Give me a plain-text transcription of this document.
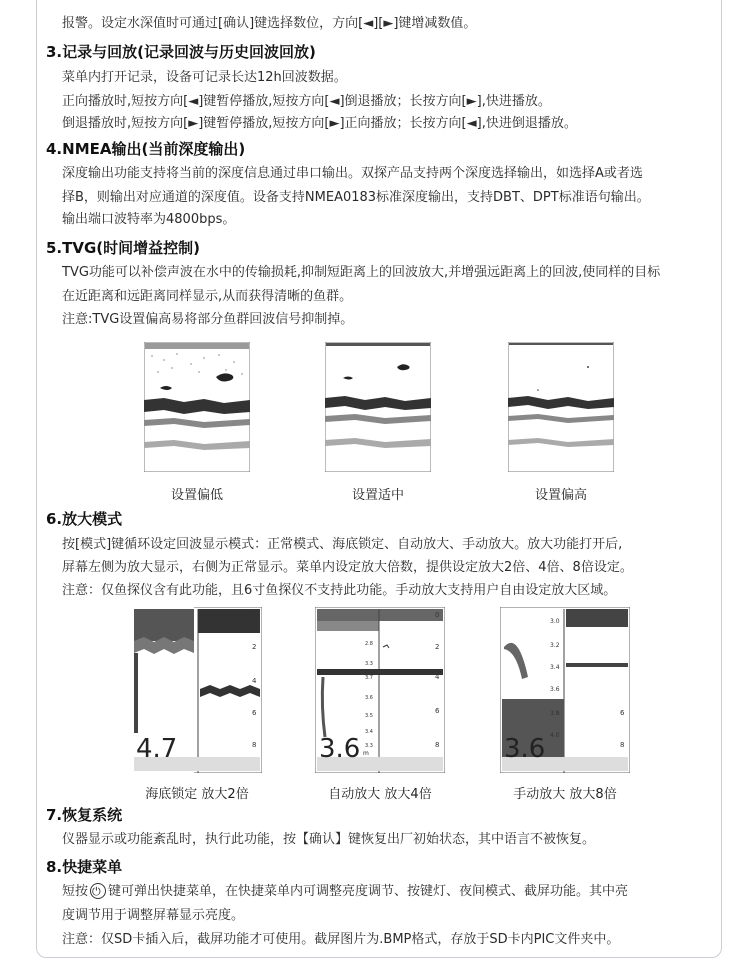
报警。设定水深值时可通过[确认]键选择数位，方向[◄][►]键增减数值。
3.记录与回放(记录回波与历史回波回放)
菜单内打开记录，设备可记录长达12h回波数据。
正向播放时,短按方向[◄]键暂停播放,短按方向[◄]倒退播放；长按方向[►],快进播放。
倒退播放时,短按方向[►]键暂停播放,短按方向[►]正向播放；长按方向[◄],快进倒退播放。
4.NMEA输出(当前深度输出)
深度输出功能支持将当前的深度信息通过串口输出。双探产品支持两个深度选择输出，如选择A或者选
择B，则输出对应通道的深度值。设备支持NMEA0183标准深度输出，支持DBT、DPT标准语句输出。
输出端口波特率为4800bps。
5.TVG(时间增益控制)
TVG功能可以补偿声波在水中的传输损耗,抑制短距离上的回波放大,并增强远距离上的回波,使同样的目标
在近距离和远距离同样显示,从而获得清晰的鱼群。
注意:TVG设置偏高易将部分鱼群回波信号抑制掉。
设置偏低	设置适中	设置偏高
6.放大模式
按[模式]键循环设定回波显示模式：正常模式、海底锁定、自动放大、手动放大。放大功能打开后,
屏幕左侧为放大显示，右侧为正常显示。菜单内设定放大倍数，提供设定放大2倍、4倍、8倍设定。
注意：仅鱼探仪含有此功能，且6寸鱼探仪不支持此功能。手动放大支持用户自由设定放大区域。
0
2
4
6
8
4.7
0
2
4
6
8
2.8
3.3
3.7
3.6
3.5
3.4
3.3
3.6 m
3.0
3.2
3.4
3.6
3.8
4.0
6
8
3.6
海底锁定 放大2倍	自动放大 放大4倍	手动放大 放大8倍
7.恢复系统
仪器显示或功能紊乱时，执行此功能，按【确认】键恢复出厂初始状态，其中语言不被恢复。
8.快捷菜单
短按⏻ 键可弹出快捷菜单，在快捷菜单内可调整亮度调节、按键灯、夜间模式、截屏功能。其中亮
度调节用于调整屏幕显示亮度。
注意：仅SD卡插入后，截屏功能才可使用。截屏图片为.BMP格式，存放于SD卡内PIC文件夹中。
